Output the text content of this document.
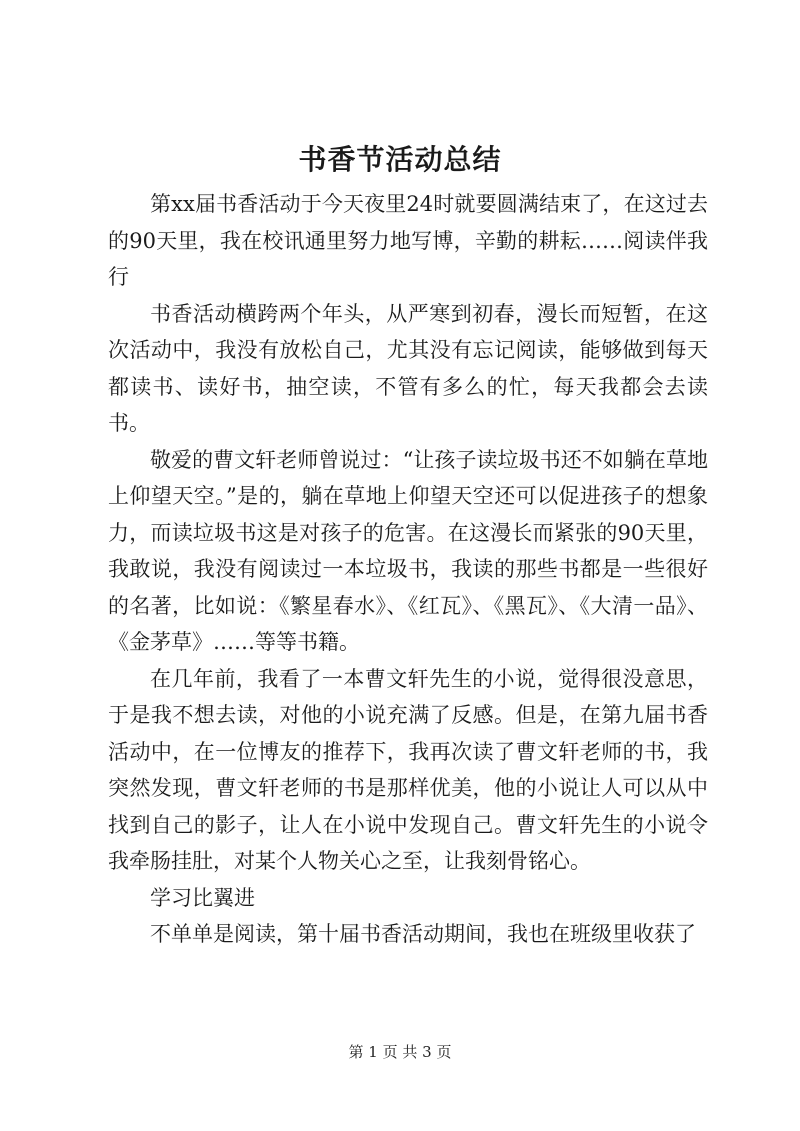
书香节活动总结

第xx届书香活动于今天夜里24时就要圆满结束了，在这过去的90天里，我在校讯通里努力地写博，辛勤的耕耘……阅读伴我行

书香活动横跨两个年头，从严寒到初春，漫长而短暂，在这次活动中，我没有放松自己，尤其没有忘记阅读，能够做到每天都读书、读好书，抽空读，不管有多么的忙，每天我都会去读书。

敬爱的曹文轩老师曾说过：“让孩子读垃圾书还不如躺在草地上仰望天空。”是的，躺在草地上仰望天空还可以促进孩子的想象力，而读垃圾书这是对孩子的危害。在这漫长而紧张的90天里，我敢说，我没有阅读过一本垃圾书，我读的那些书都是一些很好的名著，比如说：《繁星春水》、《红瓦》、《黑瓦》、《大清一品》、《金茅草》……等等书籍。

在几年前，我看了一本曹文轩先生的小说，觉得很没意思，于是我不想去读，对他的小说充满了反感。但是，在第九届书香活动中，在一位博友的推荐下，我再次读了曹文轩老师的书，我突然发现，曹文轩老师的书是那样优美，他的小说让人可以从中找到自己的影子，让人在小说中发现自己。曹文轩先生的小说令我牵肠挂肚，对某个人物关心之至，让我刻骨铭心。

学习比翼进

不单单是阅读，第十届书香活动期间，我也在班级里收获了

第 1 页 共 3 页
